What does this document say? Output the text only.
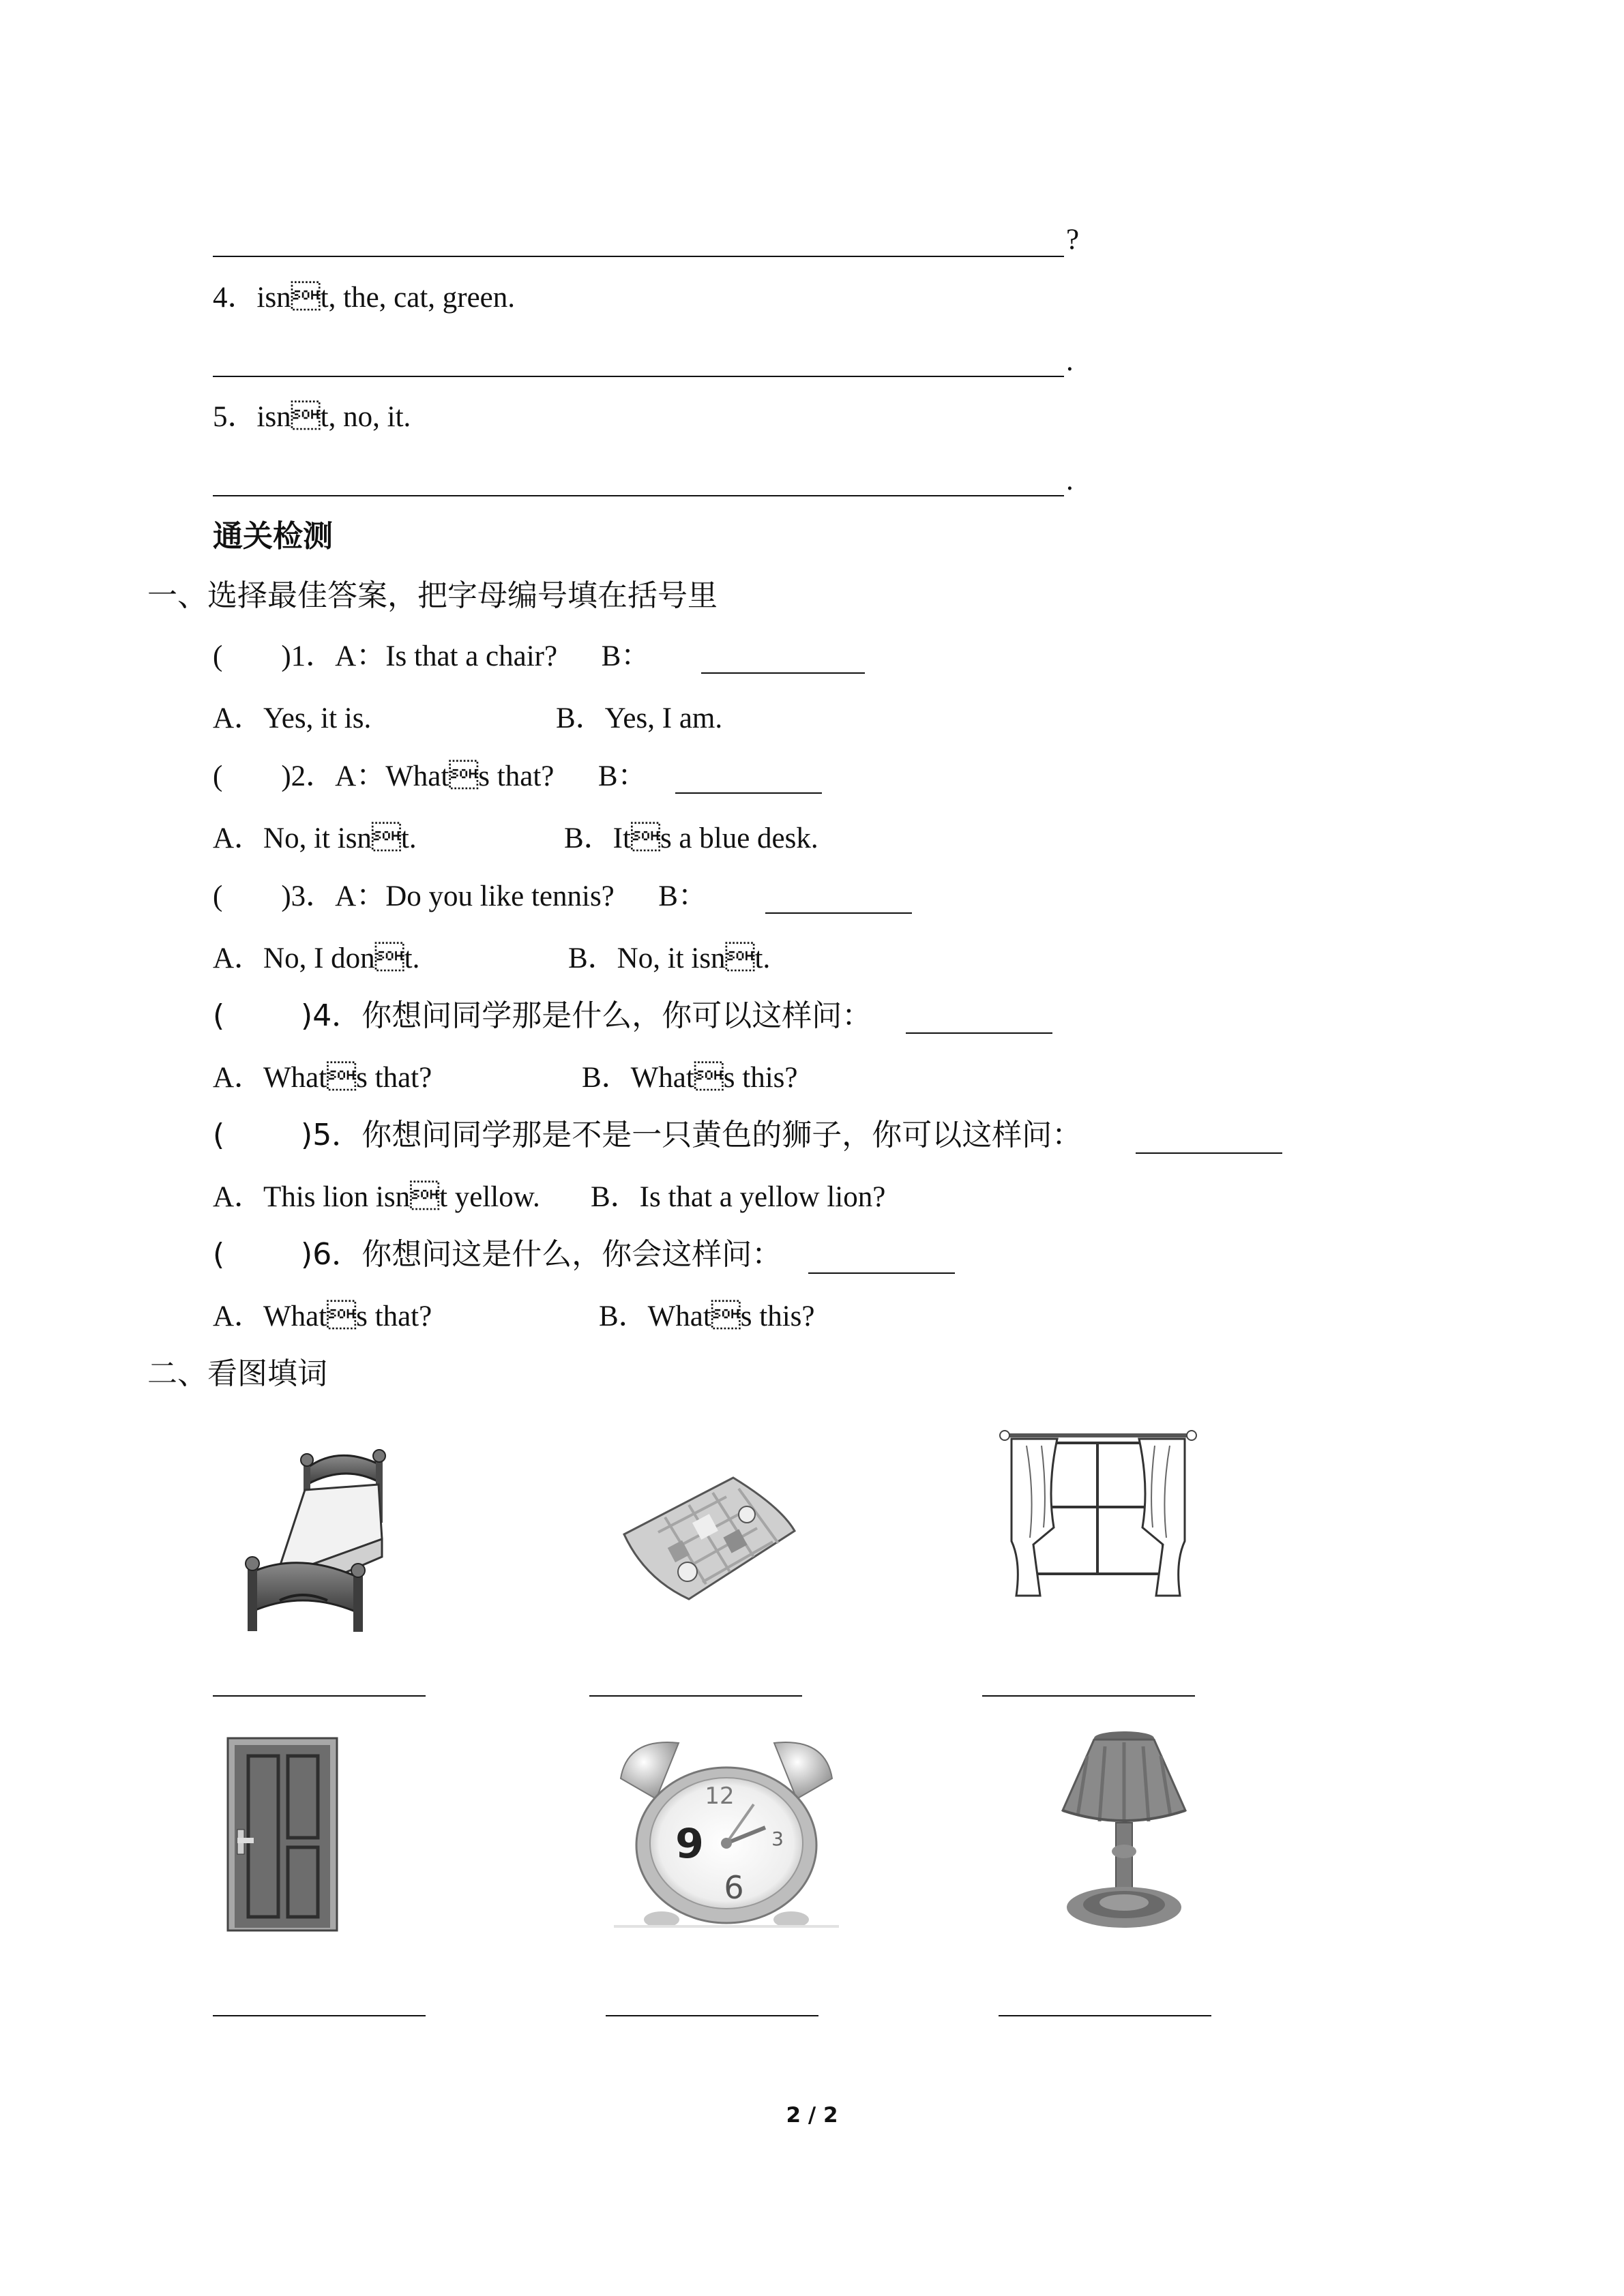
?
4．isnt, the, cat, green.
.
5．isnt, no, it.
.
通关检测
一、选择最佳答案，把字母编号填在括号里
(        )1．A：Is that a chair?      B：
A．Yes, it is.	B．Yes, I am.
(        )2．A：Whats that?      B：
A．No, it isnt.	B．Its a blue desk.
(        )3．A：Do you like tennis?      B：
A．No, I dont.	B．No, it isnt.
(        )4．你想问同学那是什么，你可以这样问：
A．Whats that?	B．Whats this?
(        )5．你想问同学那是不是一只黄色的狮子，你可以这样问：
A．This lion isnt yellow. B．Is that a yellow lion?
(        )6．你想问这是什么，你会这样问：
A．Whats that?	B．Whats this?
二、看图填词
12
9	3
6
2 / 2
